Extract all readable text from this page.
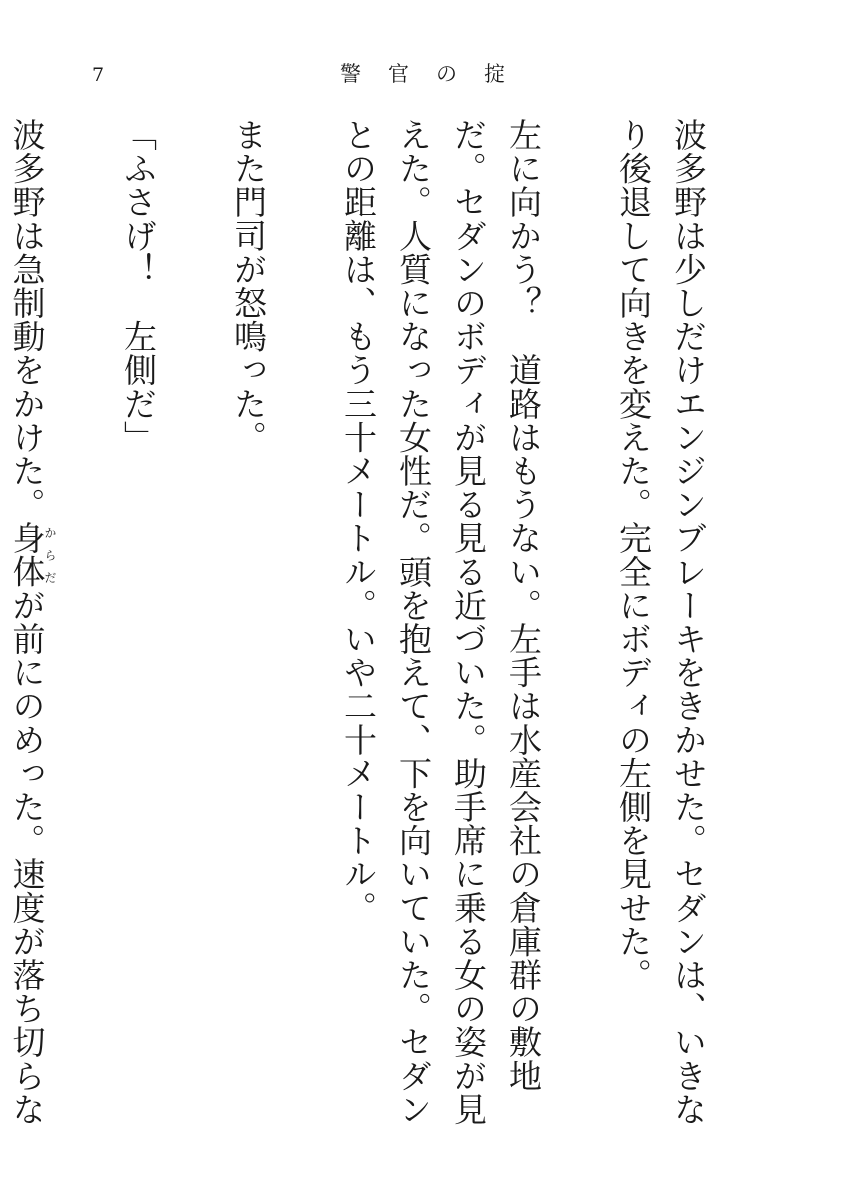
7	警官の掟

波多野は少しだけエンジンブレーキをきかせた。セダンは、いきなり後退して向きを変えた。完全にボディの左側を見せた。

左に向かう？　道路はもうない。左手は水産会社の倉庫群の敷地だ。セダンのボディが見る見る近づいた。助手席に乗る女の姿が見えた。人質になった女性だ。頭を抱えて、下を向いていた。セダンとの距離は、もう三十メートル。いや二十メートル。

また門司が怒鳴った。

「ふさげ！　左側だ」

波多野は急制動をかけた。身体からだが前にのめった。速度が落ち切らな
